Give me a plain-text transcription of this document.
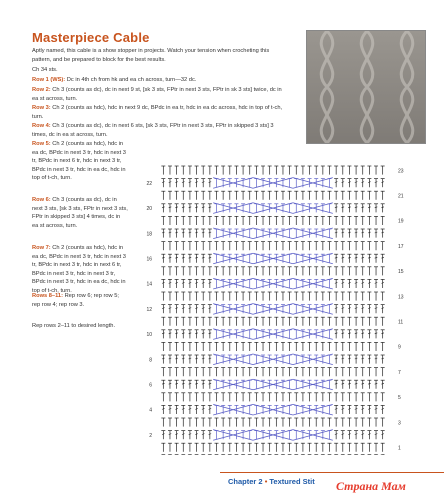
Masterpiece Cable
Aptly named, this cable is a show stopper in projects. Watch your tension when crocheting this pattern, and be prepared to block for the best results.
Ch 34 sts.
Row 1 (WS): Dc in 4th ch from hk and ea ch across, turn—32 dc.
Row 2: Ch 3 (counts as dc), dc in next 9 st, [sk 3 sts, FPtr in next 3 sts, FPtr in sk 3 sts] twice, dc in ea st across, turn.
Row 3: Ch 2 (counts as hdc), hdc in next 9 dc, BPdc in ea tr, hdc in ea dc across, hdc in top of t-ch, turn.
Row 4: Ch 3 (counts as dc), dc in next 6 sts, [sk 3 sts, FPtr in next 3 sts, FPtr in skipped 3 sts] 3 times, dc in ea st across, turn.
Row 5: Ch 2 (counts as hdc), hdc in ea dc, BPdc in next 3 tr, hdc in next 3 tr, BPdc in next 6 tr, hdc in next 3 tr, BPdc in next 3 tr, hdc in ea dc, hdc in top of t-ch, turn.
Row 6: Ch 3 (counts as dc), dc in next 3 sts, [sk 3 sts, FPtr in next 3 sts, FPtr in skipped 3 sts] 4 times, dc in ea st across, turn.
Row 7: Ch 2 (counts as hdc), hdc in ea dc, BPdc in next 3 tr, hdc in next 3 tr, BPdc in next 3 tr, hdc in next 6 tr, BPdc in next 3 tr, hdc in next 3 tr, BPdc in next 3 tr, hdc in ea dc, hdc in top of t-ch, turn.
Rows 8–11: Rep row 6; rep row 5; rep row 4; rep row 3.
Rep rows 2–11 to desired length.
22
20
18
16
14
12
10
8
6
4
2
23
21
19
17
15
13
11
9
7
5
3
1
Chapter 2 • Textured Stit Страна Мам
